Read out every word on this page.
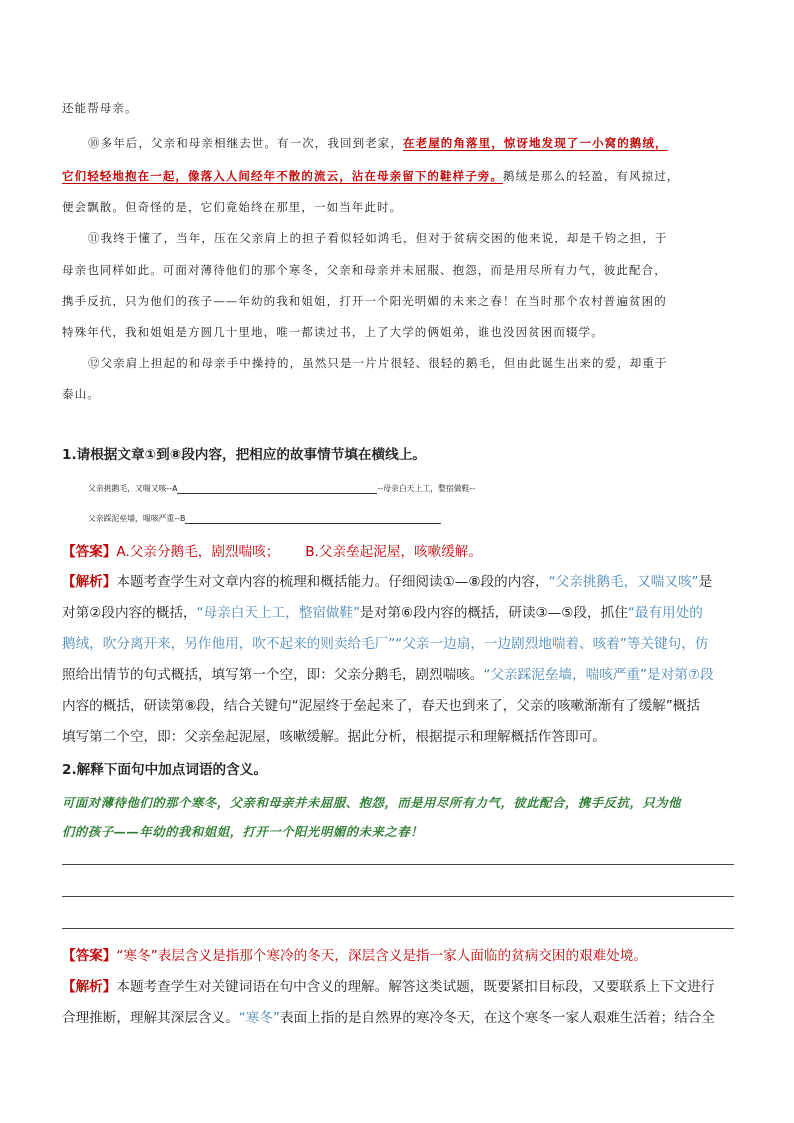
还能帮母亲。

⑩多年后，父亲和母亲相继去世。有一次，我回到老家，在老屋的角落里，惊讶地发现了一小窝的鹅绒，

它们轻轻地抱在一起，像落入人间经年不散的流云，沾在母亲留下的鞋样子旁。鹅绒是那么的轻盈，有风掠过，

便会飘散。但奇怪的是，它们竟始终在那里，一如当年此时。

⑪我终于懂了，当年，压在父亲肩上的担子看似轻如鸿毛，但对于贫病交困的他来说，却是千钧之担，于

母亲也同样如此。可面对薄待他们的那个寒冬，父亲和母亲并未屈服、抱怨，而是用尽所有力气，彼此配合，

携手反抗，只为他们的孩子——年幼的我和姐姐，打开一个阳光明媚的未来之春！在当时那个农村普遍贫困的

特殊年代，我和姐姐是方圆几十里地，唯一都读过书，上了大学的俩姐弟，谁也没因贫困而辍学。

⑫父亲肩上担起的和母亲手中操持的，虽然只是一片片很轻、很轻的鹅毛，但由此诞生出来的爱，却重于

泰山。

1.请根据文章①到⑧段内容，把相应的故事情节填在横线上。

父亲挑鹅毛，又喘又咳--A	--母亲白天上工，整宿做鞋--

父亲踩泥垒墙，喘咳严重--B

【答案】A.父亲分鹅毛，剧烈喘咳；      B.父亲垒起泥屋，咳嗽缓解。

【解析】本题考查学生对文章内容的梳理和概括能力。仔细阅读①—⑧段的内容，“父亲挑鹅毛，又喘又咳”是

对第②段内容的概括，“母亲白天上工，整宿做鞋”是对第⑥段内容的概括，研读③—⑤段，抓住“最有用处的

鹅绒，吹分离开来，另作他用，吹不起来的则卖给毛厂”“父亲一边扇，一边剧烈地喘着、咳着”等关键句，仿

照给出情节的句式概括，填写第一个空，即：父亲分鹅毛，剧烈喘咳。“父亲踩泥垒墙，喘咳严重”是对第⑦段

内容的概括，研读第⑧段，结合关键句“泥屋终于垒起来了，春天也到来了，父亲的咳嗽渐渐有了缓解”概括

填写第二个空，即：父亲垒起泥屋，咳嗽缓解。据此分析，根据提示和理解概括作答即可。

2.解释下面句中加点词语的含义。

可面对薄待他们的那个寒冬，父亲和母亲并未屈服、抱怨，而是用尽所有力气，彼此配合，携手反抗，只为他

们的孩子——年幼的我和姐姐，打开一个阳光明媚的未来之春！

【答案】“寒冬”表层含义是指那个寒冷的冬天，深层含义是指一家人面临的贫病交困的艰难处境。

【解析】本题考查学生对关键词语在句中含义的理解。解答这类试题，既要紧扣目标段，又要联系上下文进行

合理推断，理解其深层含义。“寒冬”表面上指的是自然界的寒冷冬天，在这个寒冬一家人艰难生活着；结合全
